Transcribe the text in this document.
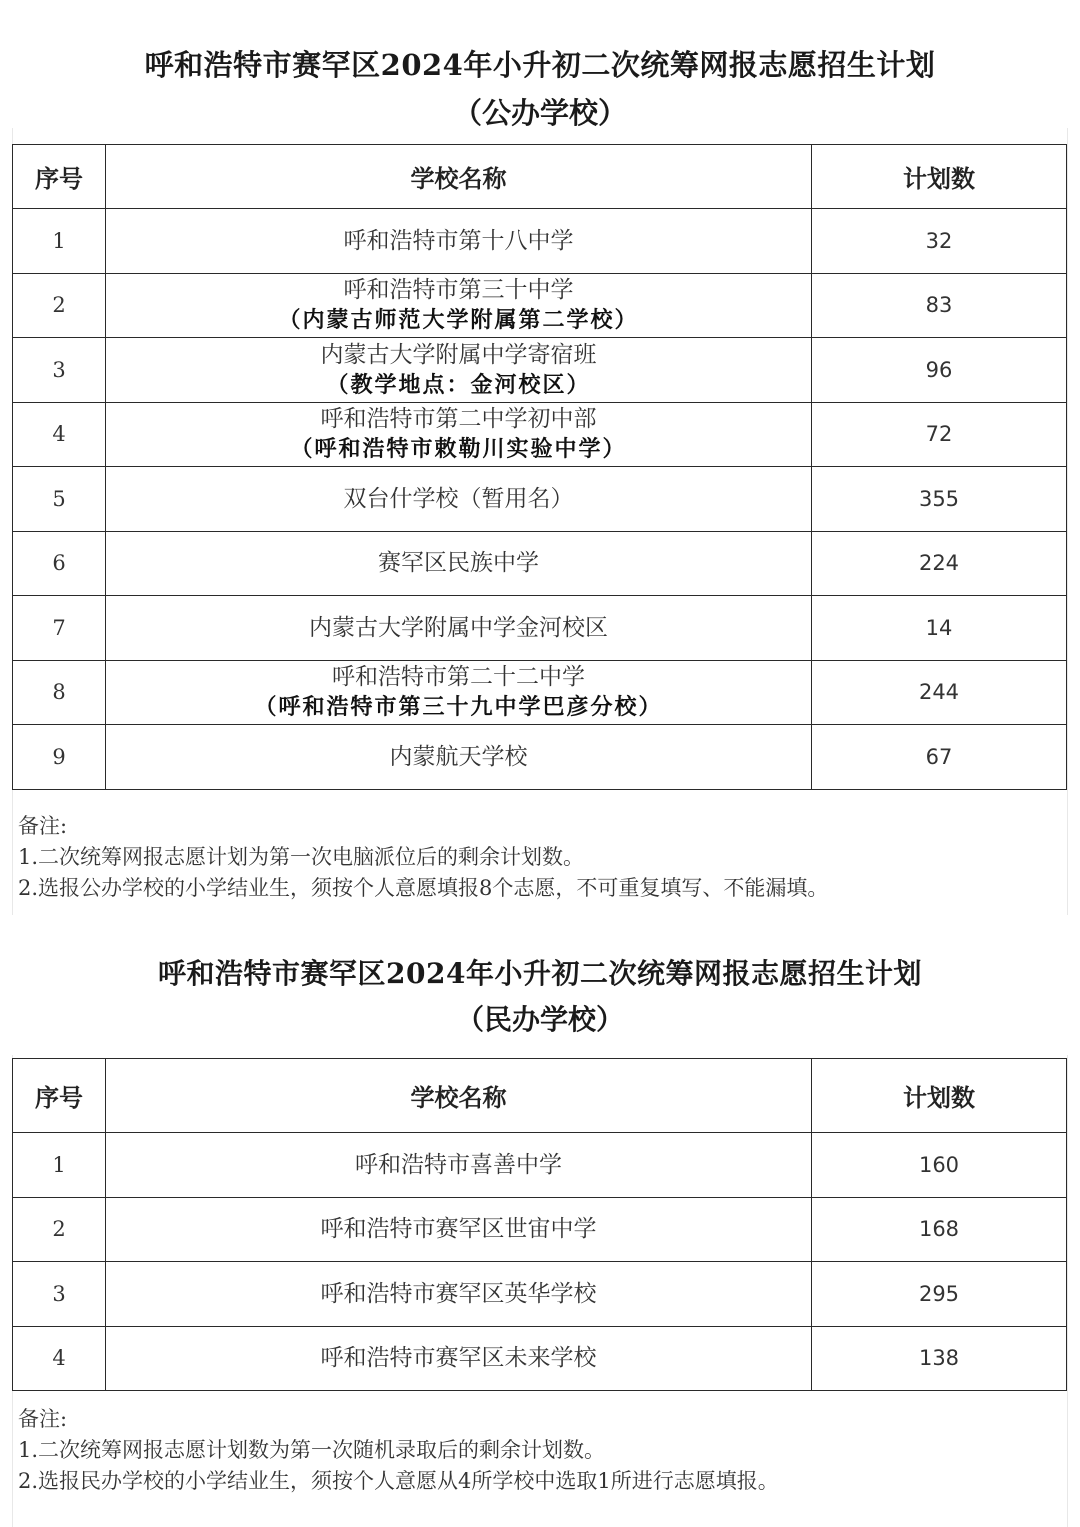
呼和浩特市赛罕区2024年小升初二次统筹网报志愿招生计划
（公办学校）
序号	学校名称	计划数
1	呼和浩特市第十八中学	32
2	呼和浩特市第三十中学
（内蒙古师范大学附属第二学校）	83
3	内蒙古大学附属中学寄宿班
（教学地点：金河校区）	96
4	呼和浩特市第二中学初中部
（呼和浩特市敕勒川实验中学）	72
5	双台什学校（暂用名）	355
6	赛罕区民族中学	224
7	内蒙古大学附属中学金河校区	14
8	呼和浩特市第二十二中学
（呼和浩特市第三十九中学巴彦分校）	244
9	内蒙航天学校	67
备注:
1.二次统筹网报志愿计划为第一次电脑派位后的剩余计划数。
2.选报公办学校的小学结业生，须按个人意愿填报8个志愿，不可重复填写、不能漏填。
呼和浩特市赛罕区2024年小升初二次统筹网报志愿招生计划
（民办学校）
序号	学校名称	计划数
1	呼和浩特市喜善中学	160
2	呼和浩特市赛罕区世宙中学	168
3	呼和浩特市赛罕区英华学校	295
4	呼和浩特市赛罕区未来学校	138
备注:
1.二次统筹网报志愿计划数为第一次随机录取后的剩余计划数。
2.选报民办学校的小学结业生，须按个人意愿从4所学校中选取1所进行志愿填报。
